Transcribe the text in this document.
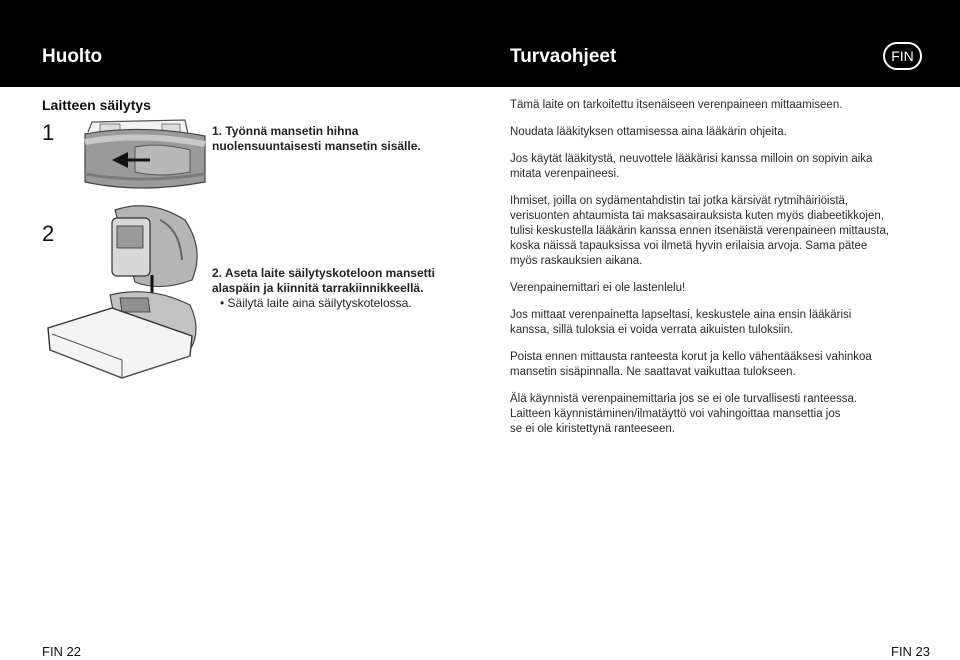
Huolto	Turvaohjeet	FIN
Laitteen säilytys
1
2
1. Työnnä mansetin hihna
nuolensuuntaisesti mansetin sisälle.
2. Aseta laite säilytyskoteloon mansetti
alaspäin ja kiinnitä tarrakiinnikkeellä.
• Säilytä laite aina säilytyskotelossa.

Tämä laite on tarkoitettu itsenäiseen verenpaineen mittaamiseen.

Noudata lääkityksen ottamisessa aina lääkärin ohjeita.

Jos käytät lääkitystä, neuvottele lääkärisi kanssa milloin on sopivin aika
mitata verenpaineesi.

Ihmiset, joilla on sydämentahdistin tai jotka kärsivät rytmihäiriöistä,
verisuonten ahtaumista tai maksasairauksista kuten myös diabeetikkojen,
tulisi keskustella lääkärin kanssa ennen itsenäistä verenpaineen mittausta,
koska näissä tapauksissa voi ilmetä hyvin erilaisia arvoja. Sama pätee
myös raskauksien aikana.

Verenpainemittari ei ole lastenlelu!

Jos mittaat verenpainetta lapseltasi, keskustele aina ensin lääkärisi
kanssa, sillä tuloksia ei voida verrata aikuisten tuloksiin.

Poista ennen mittausta ranteesta korut ja kello vähentääksesi vahinkoa
mansetin sisäpinnalla. Ne saattavat vaikuttaa tulokseen.

Älä käynnistä verenpainemittaria jos se ei ole turvallisesti ranteessa.
Laitteen käynnistäminen/ilmatäyttö voi vahingoittaa mansettia jos
se ei ole kiristettynä ranteeseen.

FIN 22	FIN 23
